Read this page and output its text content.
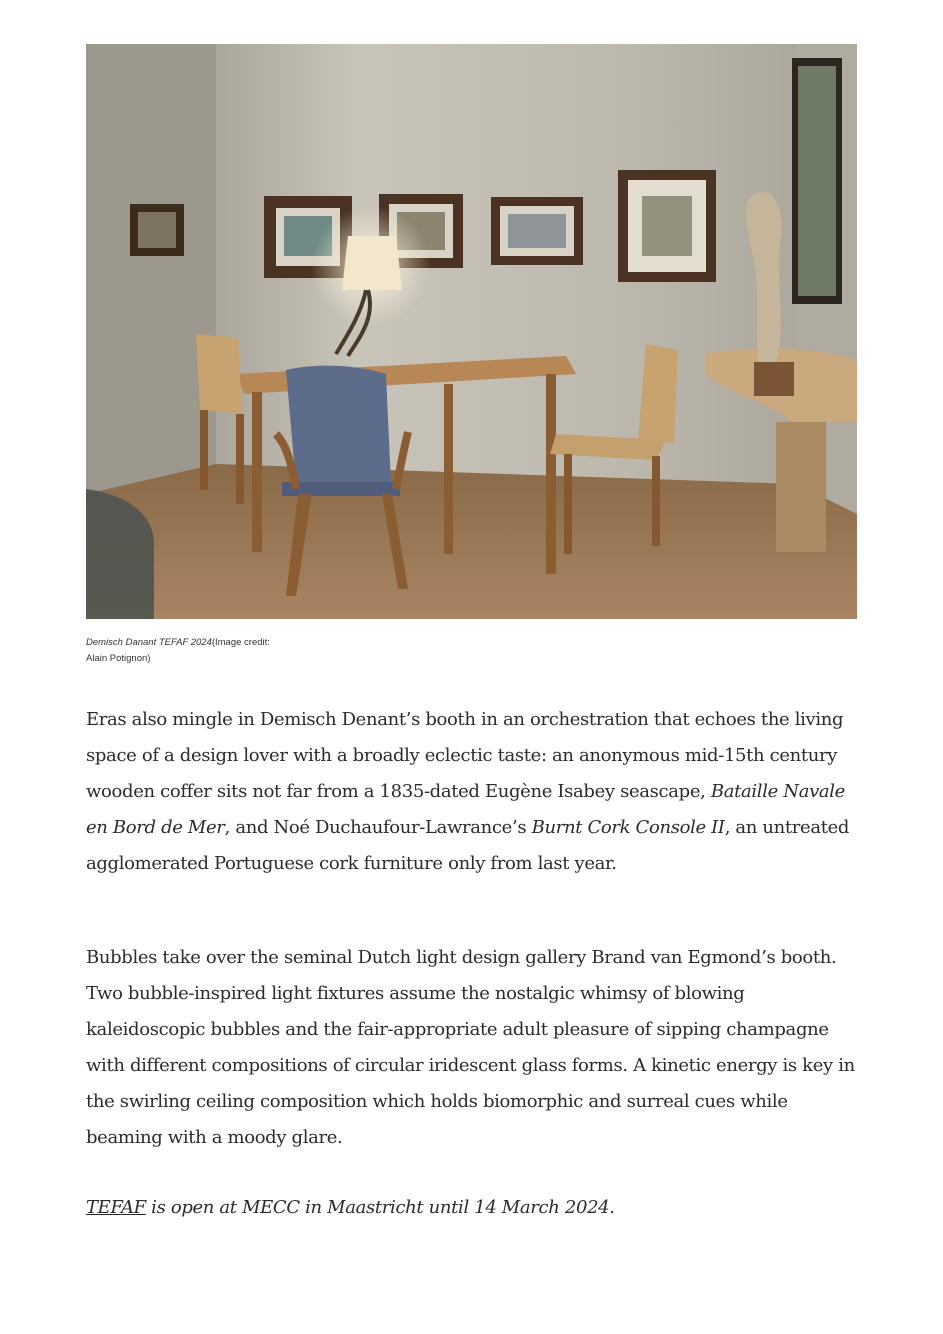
Demisch Danant TEFAF 2024(Image credit:
Alain Potignon)

Eras also mingle in Demisch Denant’s booth in an orchestration that echoes the living space of a design lover with a broadly eclectic taste: an anonymous mid-15th century wooden coffer sits not far from a 1835-dated Eugène Isabey seascape, Bataille Navale en Bord de Mer, and Noé Duchaufour-Lawrance’s Burnt Cork Console II, an untreated agglomerated Portuguese cork furniture only from last year.

Bubbles take over the seminal Dutch light design gallery Brand van Egmond’s booth. Two bubble-inspired light fixtures assume the nostalgic whimsy of blowing kaleidoscopic bubbles and the fair-appropriate adult pleasure of sipping champagne with different compositions of circular iridescent glass forms. A kinetic energy is key in the swirling ceiling composition which holds biomorphic and surreal cues while beaming with a moody glare.

TEFAF is open at MECC in Maastricht until 14 March 2024.
